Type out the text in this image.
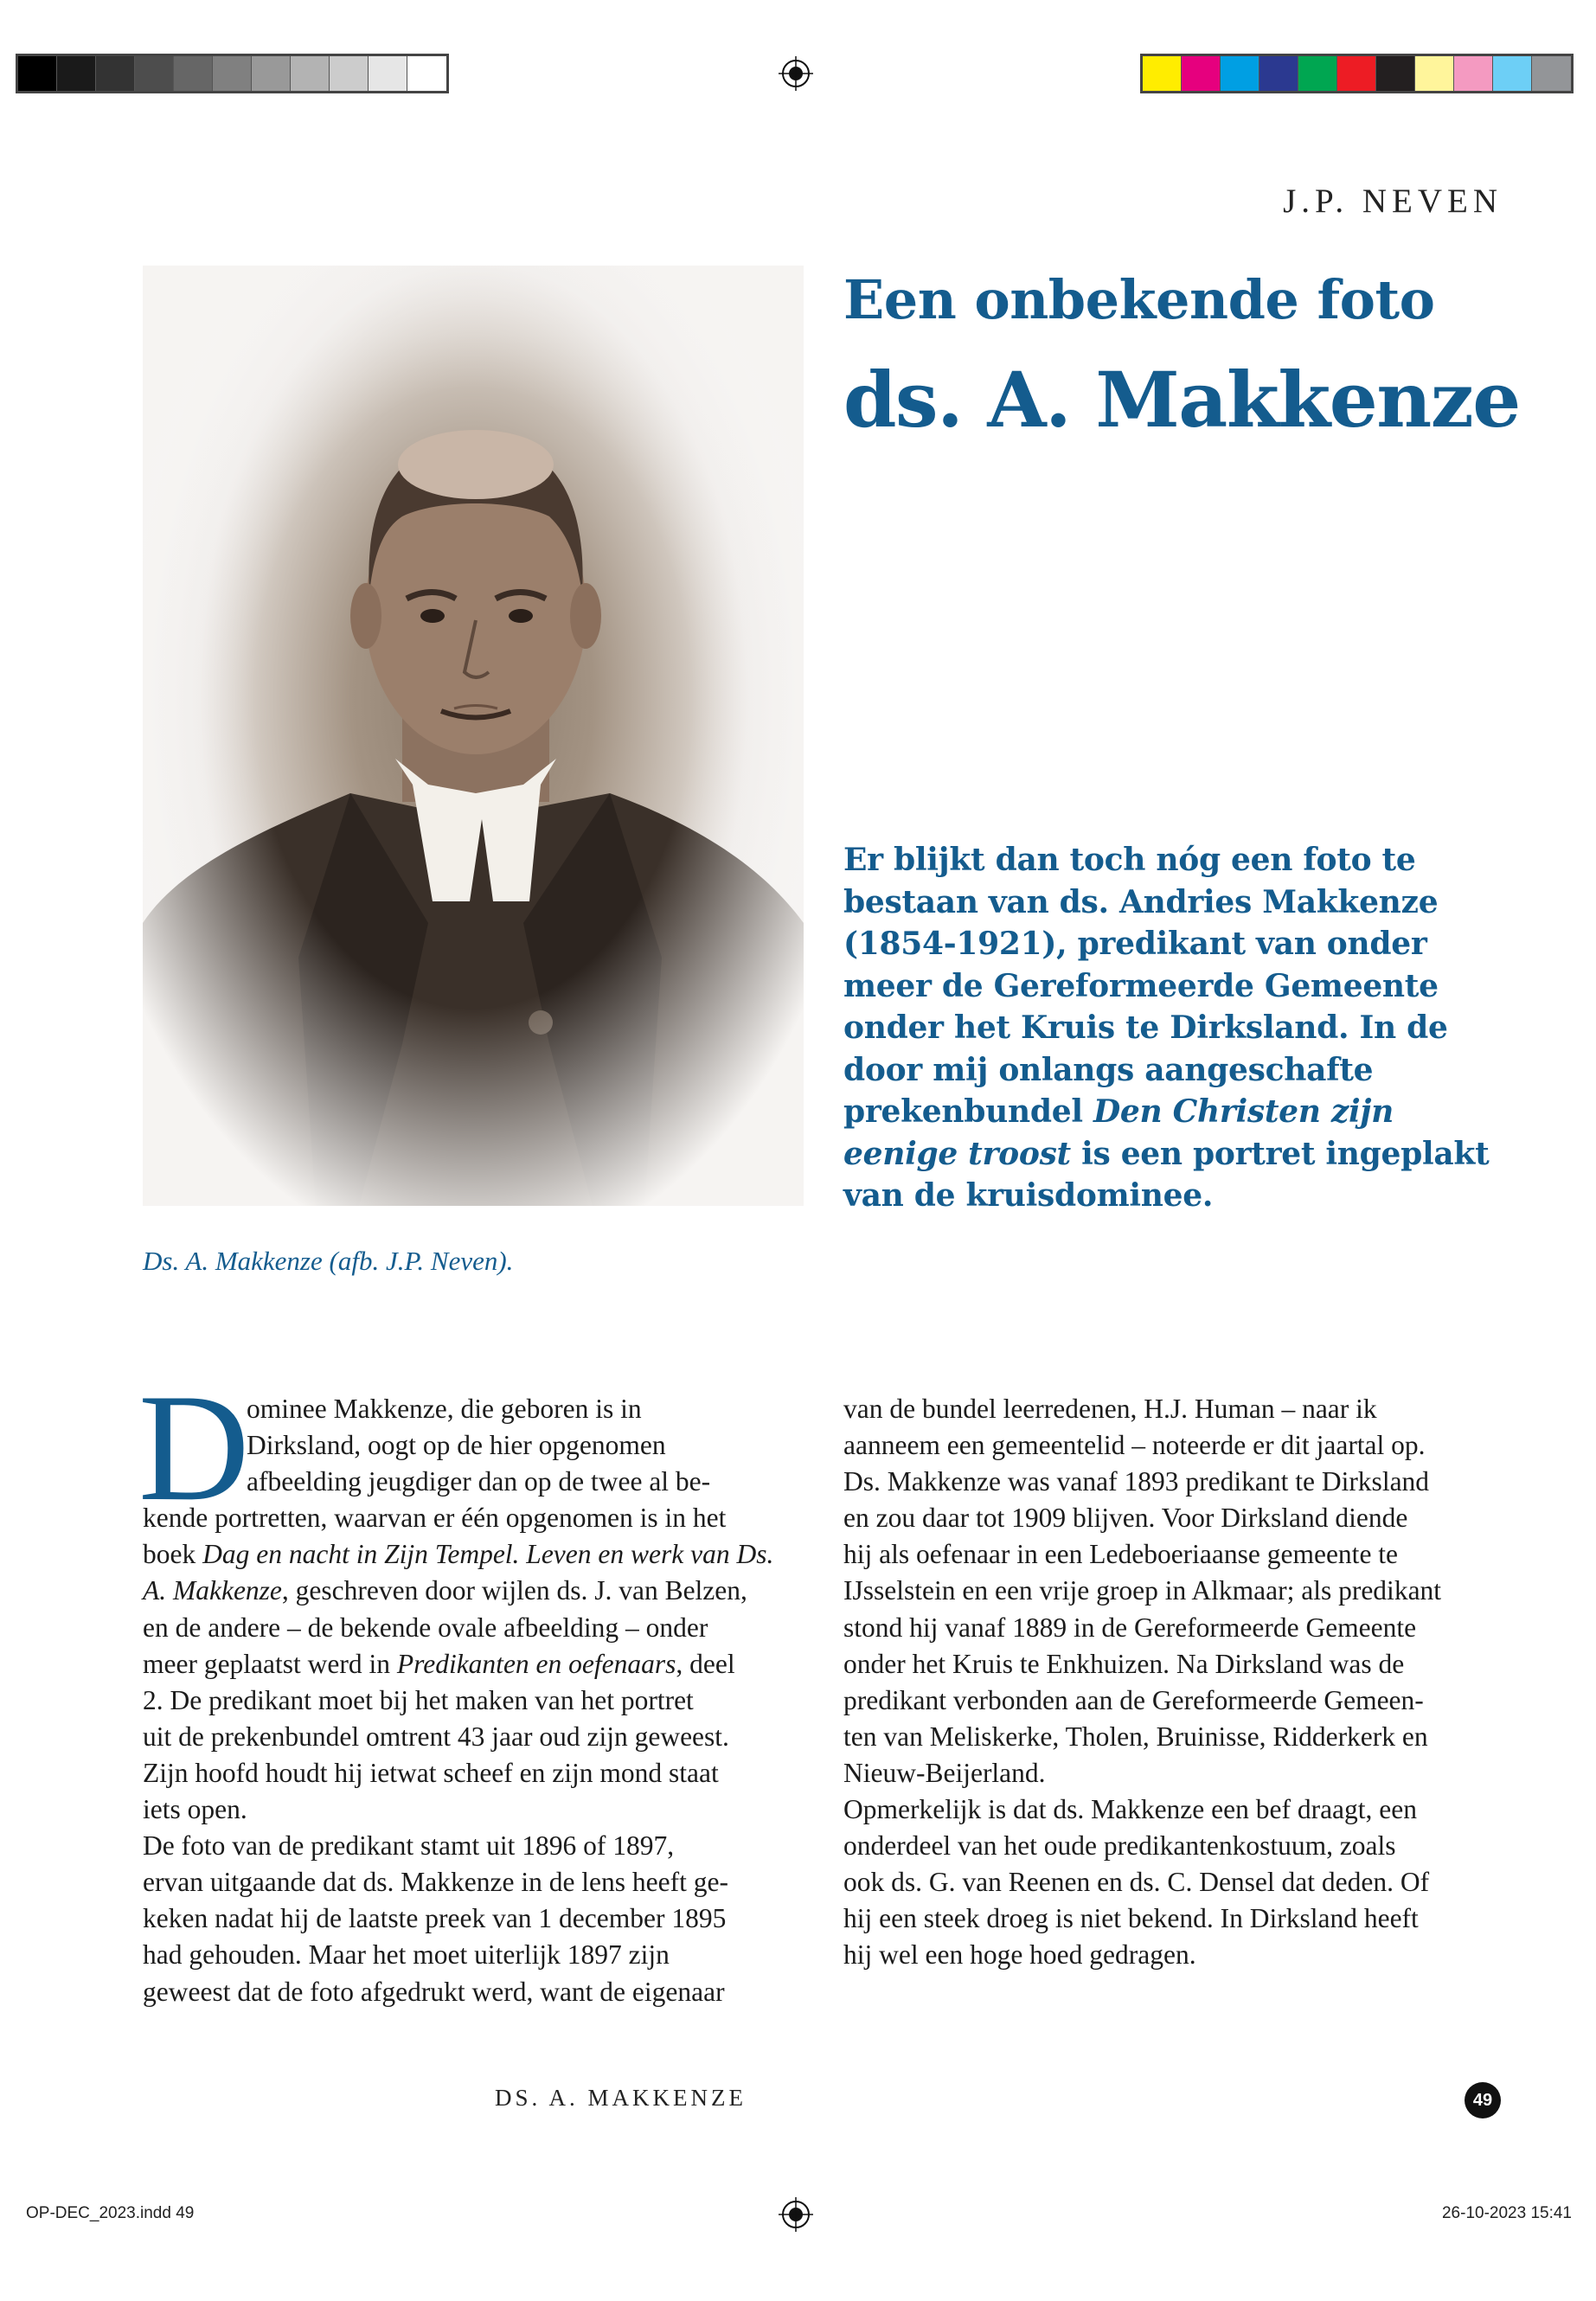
J.P. NEVEN
Een onbekende foto
ds. A. Makkenze
Ds. A. Makkenze (afb. J.P. Neven).

Er blijkt dan toch nóg een foto te bestaan van ds. Andries Makkenze (1854-1921), predikant van onder meer de Gereformeerde Gemeente onder het Kruis te Dirksland. In de door mij onlangs aangeschafte prekenbundel Den Christen zijn eenige troost is een portret ingeplakt van de kruisdominee.

D
ominee Makkenze, die geboren is in
Dirksland, oogt op de hier opgenomen
afbeelding jeugdiger dan op de twee al be-
kende portretten, waarvan er één opgenomen is in het
boek Dag en nacht in Zijn Tempel. Leven en werk van Ds.
A. Makkenze, geschreven door wijlen ds. J. van Belzen,
en de andere – de bekende ovale afbeelding – onder
meer geplaatst werd in Predikanten en oefenaars, deel
2. De predikant moet bij het maken van het portret
uit de prekenbundel omtrent 43 jaar oud zijn geweest.
Zijn hoofd houdt hij ietwat scheef en zijn mond staat
iets open.
De foto van de predikant stamt uit 1896 of 1897,
ervan uitgaande dat ds. Makkenze in de lens heeft ge-
keken nadat hij de laatste preek van 1 december 1895
had gehouden. Maar het moet uiterlijk 1897 zijn
geweest dat de foto afgedrukt werd, want de eigenaar
van de bundel leerredenen, H.J. Human – naar ik
aanneem een gemeentelid – noteerde er dit jaartal op.
Ds. Makkenze was vanaf 1893 predikant te Dirksland
en zou daar tot 1909 blijven. Voor Dirksland diende
hij als oefenaar in een Ledeboeriaanse gemeente te
IJsselstein en een vrije groep in Alkmaar; als predikant
stond hij vanaf 1889 in de Gereformeerde Gemeente
onder het Kruis te Enkhuizen. Na Dirksland was de
predikant verbonden aan de Gereformeerde Gemeen-
ten van Meliskerke, Tholen, Bruinisse, Ridderkerk en
Nieuw-Beijerland.
Opmerkelijk is dat ds. Makkenze een bef draagt, een
onderdeel van het oude predikantenkostuum, zoals
ook ds. G. van Reenen en ds. C. Densel dat deden. Of
hij een steek droeg is niet bekend. In Dirksland heeft
hij wel een hoge hoed gedragen.
DS. A. MAKKENZE	49
OP-DEC_2023.indd 49	26-10-2023 15:41
